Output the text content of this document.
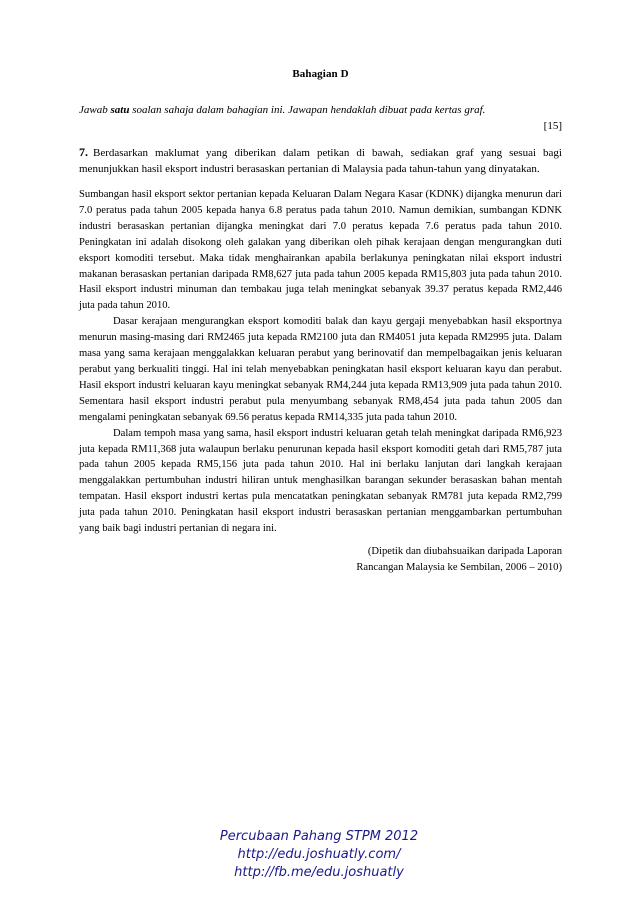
Bahagian D

Jawab satu soalan sahaja dalam bahagian ini. Jawapan hendaklah dibuat pada kertas graf.

[15]

7. Berdasarkan maklumat yang diberikan dalam petikan di bawah, sediakan graf yang sesuai bagi menunjukkan hasil eksport industri berasaskan pertanian di Malaysia pada tahun-tahun yang dinyatakan.

Sumbangan hasil eksport sektor pertanian kepada Keluaran Dalam Negara Kasar (KDNK) dijangka menurun dari 7.0 peratus pada tahun 2005 kepada hanya 6.8 peratus pada tahun 2010. Namun demikian, sumbangan KDNK industri berasaskan pertanian dijangka meningkat dari 7.0 peratus kepada 7.6 peratus pada tahun 2010. Peningkatan ini adalah disokong oleh galakan yang diberikan oleh pihak kerajaan dengan mengurangkan duti eksport komoditi tersebut. Maka tidak menghairankan apabila berlakunya peningkatan nilai eksport industri makanan berasaskan pertanian daripada RM8,627 juta pada tahun 2005 kepada RM15,803 juta pada tahun 2010. Hasil eksport industri minuman dan tembakau juga telah meningkat sebanyak 39.37 peratus kepada RM2,446 juta pada tahun 2010.

Dasar kerajaan mengurangkan eksport komoditi balak dan kayu gergaji menyebabkan hasil eksportnya menurun masing-masing dari RM2465 juta kepada RM2100 juta dan RM4051 juta kepada RM2995 juta. Dalam masa yang sama kerajaan menggalakkan keluaran perabut yang berinovatif dan mempelbagaikan jenis keluaran perabut yang berkualiti tinggi. Hal ini telah menyebabkan peningkatan hasil eksport keluaran kayu dan perabut. Hasil eksport industri keluaran kayu meningkat sebanyak RM4,244 juta kepada RM13,909 juta pada tahun 2010. Sementara hasil eksport industri perabut pula menyumbang sebanyak RM8,454 juta pada tahun 2005 dan mengalami peningkatan sebanyak 69.56 peratus kepada RM14,335 juta pada tahun 2010.

Dalam tempoh masa yang sama, hasil eksport industri keluaran getah telah meningkat daripada RM6,923 juta kepada RM11,368 juta walaupun berlaku penurunan kepada hasil eksport komoditi getah dari RM5,787 juta pada tahun 2005 kepada RM5,156 juta pada tahun 2010. Hal ini berlaku lanjutan dari langkah kerajaan menggalakkan pertumbuhan industri hiliran untuk menghasilkan barangan sekunder berasaskan bahan mentah tempatan. Hasil eksport industri kertas pula mencatatkan peningkatan sebanyak RM781 juta kepada RM2,799 juta pada tahun 2010. Peningkatan hasil eksport industri berasaskan pertanian menggambarkan pertumbuhan yang baik bagi industri pertanian di negara ini.

(Dipetik dan diubahsuaikan daripada Laporan
Rancangan Malaysia ke Sembilan, 2006 – 2010)
Percubaan Pahang STPM 2012
http://edu.joshuatly.com/
http://fb.me/edu.joshuatly
